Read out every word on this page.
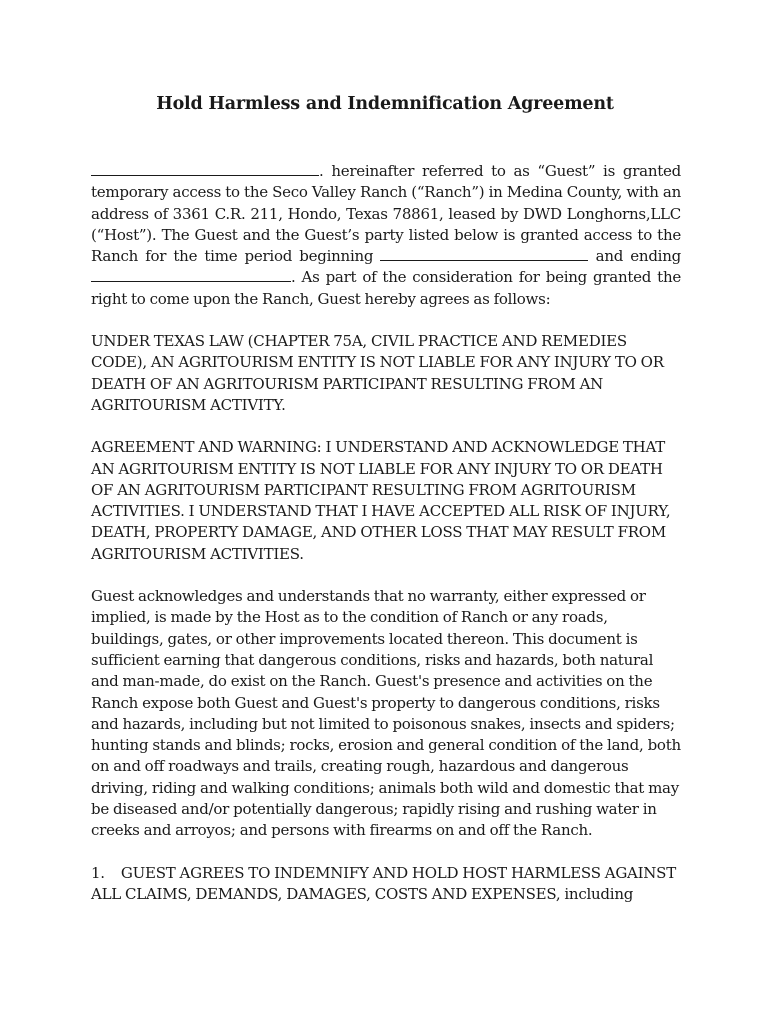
Hold Harmless and Indemnification Agreement

. hereinafter referred to as “Guest” is granted temporary access to the Seco Valley Ranch (“Ranch”) in Medina County, with an address of 3361 C.R. 211, Hondo, Texas 78861, leased by DWD Longhorns,LLC (“Host”). The Guest and the Guest’s party listed below is granted access to the Ranch for the time period beginning	and ending . As part of the consideration for being granted the right to come upon the Ranch, Guest hereby agrees as follows:

UNDER TEXAS LAW (CHAPTER 75A, CIVIL PRACTICE AND REMEDIES CODE), AN AGRITOURISM ENTITY IS NOT LIABLE FOR ANY INJURY TO OR DEATH OF AN AGRITOURISM PARTICIPANT RESULTING FROM AN AGRITOURISM ACTIVITY.

AGREEMENT AND WARNING: I UNDERSTAND AND ACKNOWLEDGE THAT AN AGRITOURISM ENTITY IS NOT LIABLE FOR ANY INJURY TO OR DEATH OF AN AGRITOURISM PARTICIPANT RESULTING FROM AGRITOURISM ACTIVITIES. I UNDERSTAND THAT I HAVE ACCEPTED ALL RISK OF INJURY, DEATH, PROPERTY DAMAGE, AND OTHER LOSS THAT MAY RESULT FROM AGRITOURISM ACTIVITIES.

Guest acknowledges and understands that no warranty, either expressed or implied, is made by the Host as to the condition of Ranch or any roads, buildings, gates, or other improvements located thereon. This document is sufficient earning that dangerous conditions, risks and hazards, both natural and man-made, do exist on the Ranch. Guest's presence and activities on the Ranch expose both Guest and Guest's property to dangerous conditions, risks and hazards, including but not limited to poisonous snakes, insects and spiders; hunting stands and blinds; rocks, erosion and general condition of the land, both on and off roadways and trails, creating rough, hazardous and dangerous driving, riding and walking conditions; animals both wild and domestic that may be diseased and/or potentially dangerous; rapidly rising and rushing water in creeks and arroyos; and persons with firearms on and off the Ranch.

1.    GUEST AGREES TO INDEMNIFY AND HOLD HOST HARMLESS AGAINST ALL CLAIMS, DEMANDS, DAMAGES, COSTS AND EXPENSES, including
